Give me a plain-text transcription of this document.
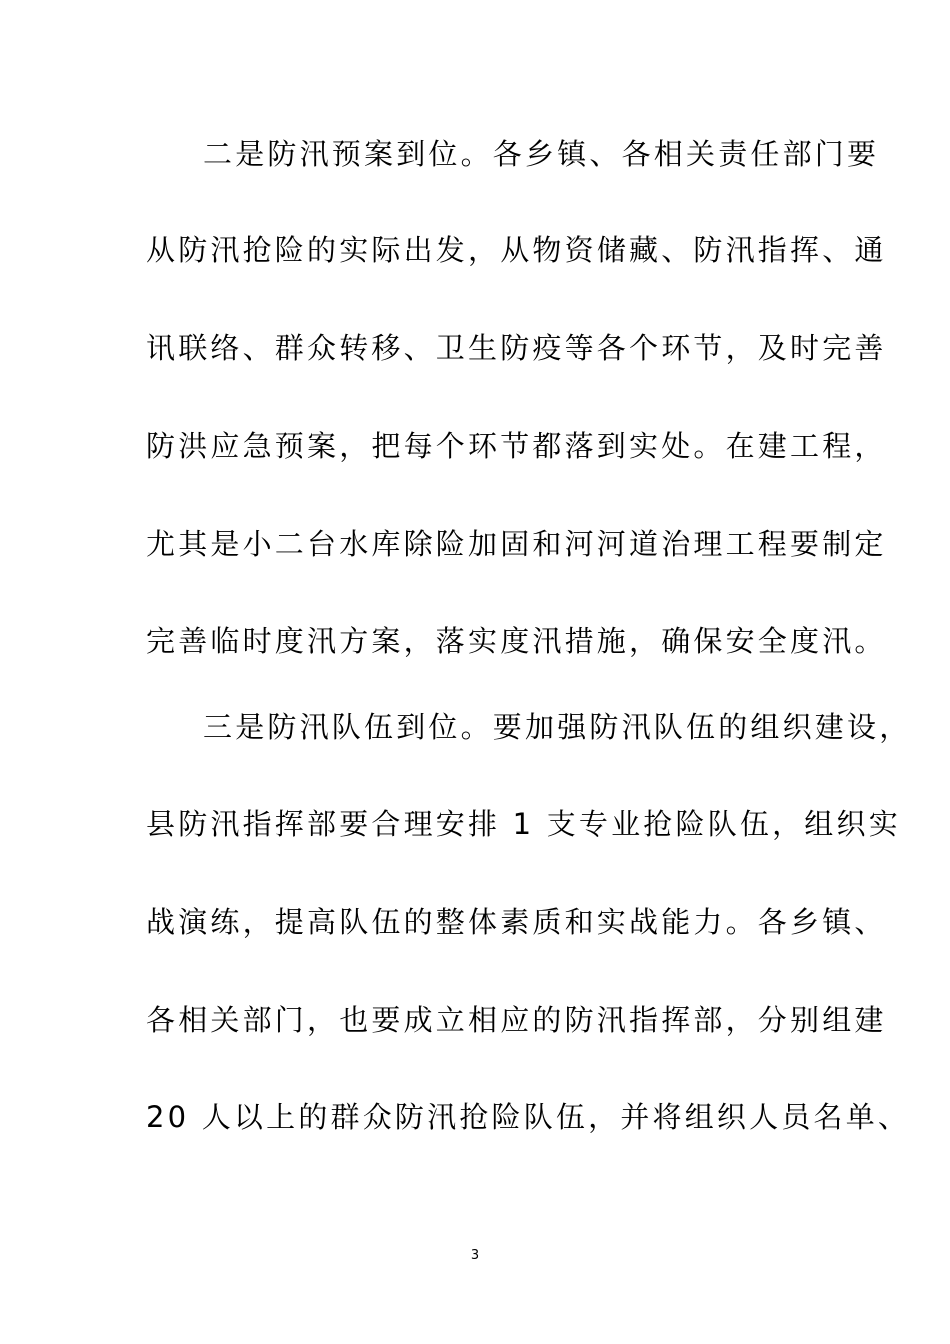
二是防汛预案到位。各乡镇、各相关责任部门要
从防汛抢险的实际出发，从物资储藏、防汛指挥、通
讯联络、群众转移、卫生防疫等各个环节，及时完善
防洪应急预案，把每个环节都落到实处。在建工程，
尤其是小二台水库除险加固和河河道治理工程要制定
完善临时度汛方案，落实度汛措施，确保安全度汛。
三是防汛队伍到位。要加强防汛队伍的组织建设，
县防汛指挥部要合理安排 1 支专业抢险队伍，组织实
战演练，提高队伍的整体素质和实战能力。各乡镇、
各相关部门，也要成立相应的防汛指挥部，分别组建
20 人以上的群众防汛抢险队伍，并将组织人员名单、
3
